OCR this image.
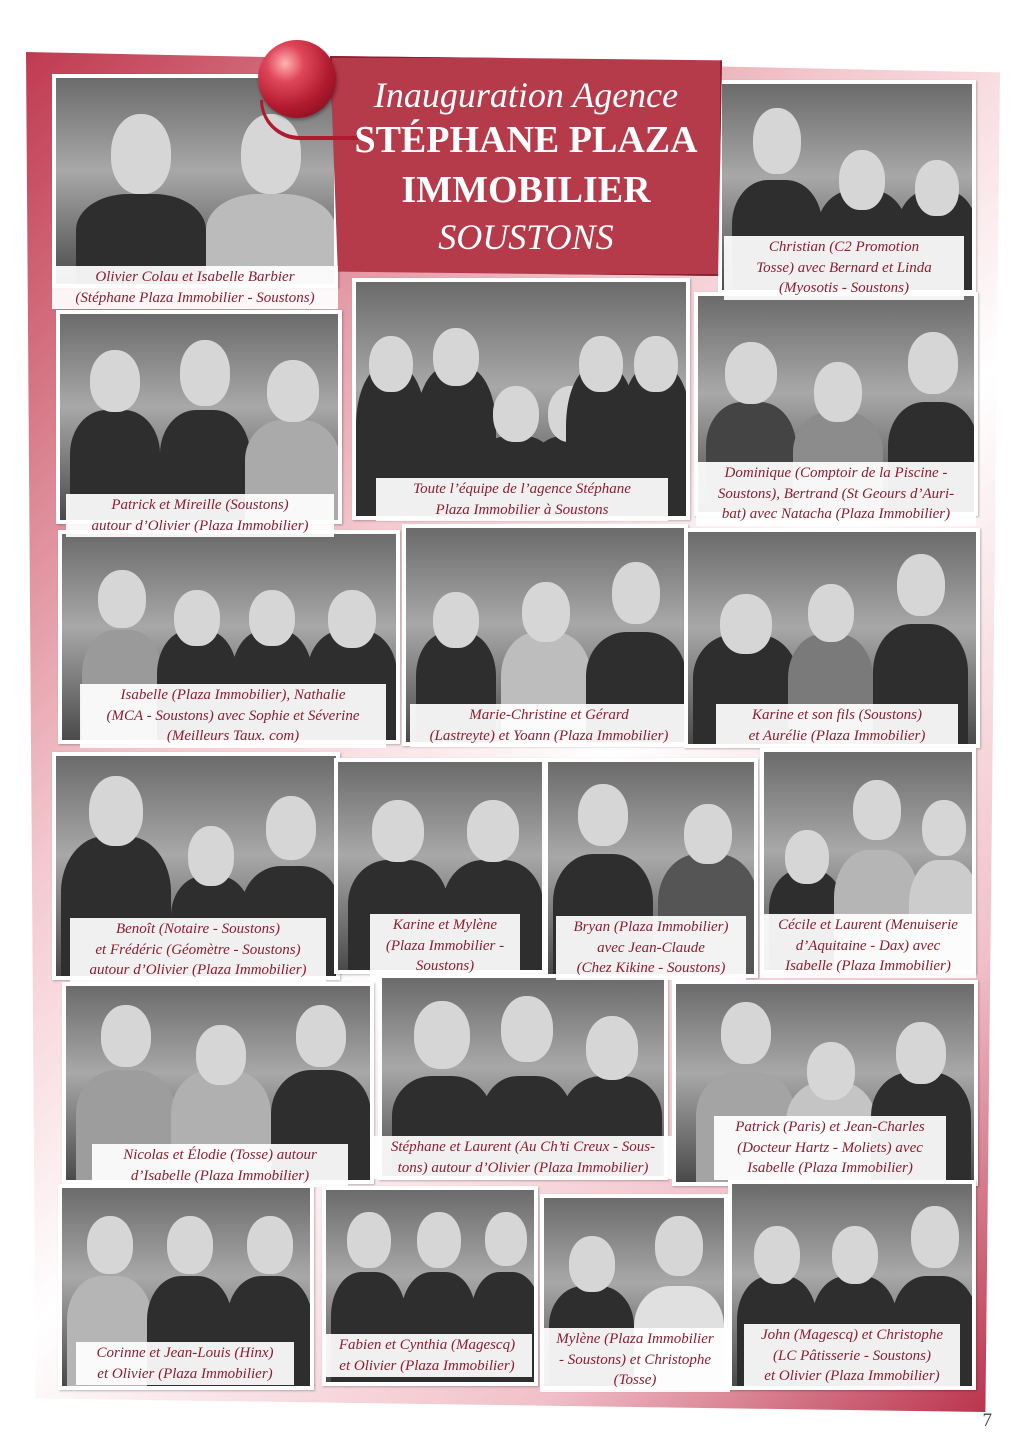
Inauguration Agence
STÉPHANE PLAZA
IMMOBILIER
SOUSTONS
Olivier Colau et Isabelle Barbier
(Stéphane Plaza Immobilier - Soustons)
Christian (C2 Promotion
Tosse) avec Bernard et Linda
(Myosotis - Soustons)
Patrick et Mireille (Soustons)
autour d’Olivier (Plaza Immobilier)
Toute l’équipe de l’agence Stéphane
Plaza Immobilier à Soustons
Dominique (Comptoir de la Piscine -
Soustons), Bertrand (St Geours d’Auri-
bat) avec Natacha (Plaza Immobilier)
Isabelle (Plaza Immobilier), Nathalie
(MCA - Soustons) avec Sophie et Séverine
(Meilleurs Taux. com)
Marie-Christine et Gérard
(Lastreyte) et Yoann (Plaza Immobilier)
Karine et son fils (Soustons)
et Aurélie (Plaza Immobilier)
Benoît (Notaire - Soustons)
et Frédéric (Géomètre - Soustons)
autour d’Olivier (Plaza Immobilier)
Karine et Mylène
(Plaza Immobilier -
Soustons)
Bryan (Plaza Immobilier)
avec Jean-Claude
(Chez Kikine - Soustons)
Cécile et Laurent (Menuiserie
d’Aquitaine - Dax) avec
Isabelle (Plaza Immobilier)
Nicolas et Élodie (Tosse) autour
d’Isabelle (Plaza Immobilier)
Stéphane et Laurent (Au Ch’ti Creux - Sous-
tons) autour d’Olivier (Plaza Immobilier)
Patrick (Paris) et Jean-Charles
(Docteur Hartz - Moliets) avec
Isabelle (Plaza Immobilier)
Corinne et Jean-Louis (Hinx)
et Olivier (Plaza Immobilier)
Fabien et Cynthia (Magescq)
et Olivier (Plaza Immobilier)
Mylène (Plaza Immobilier
- Soustons) et Christophe
(Tosse)
John (Magescq) et Christophe
(LC Pâtisserie - Soustons)
et Olivier (Plaza Immobilier)
7
